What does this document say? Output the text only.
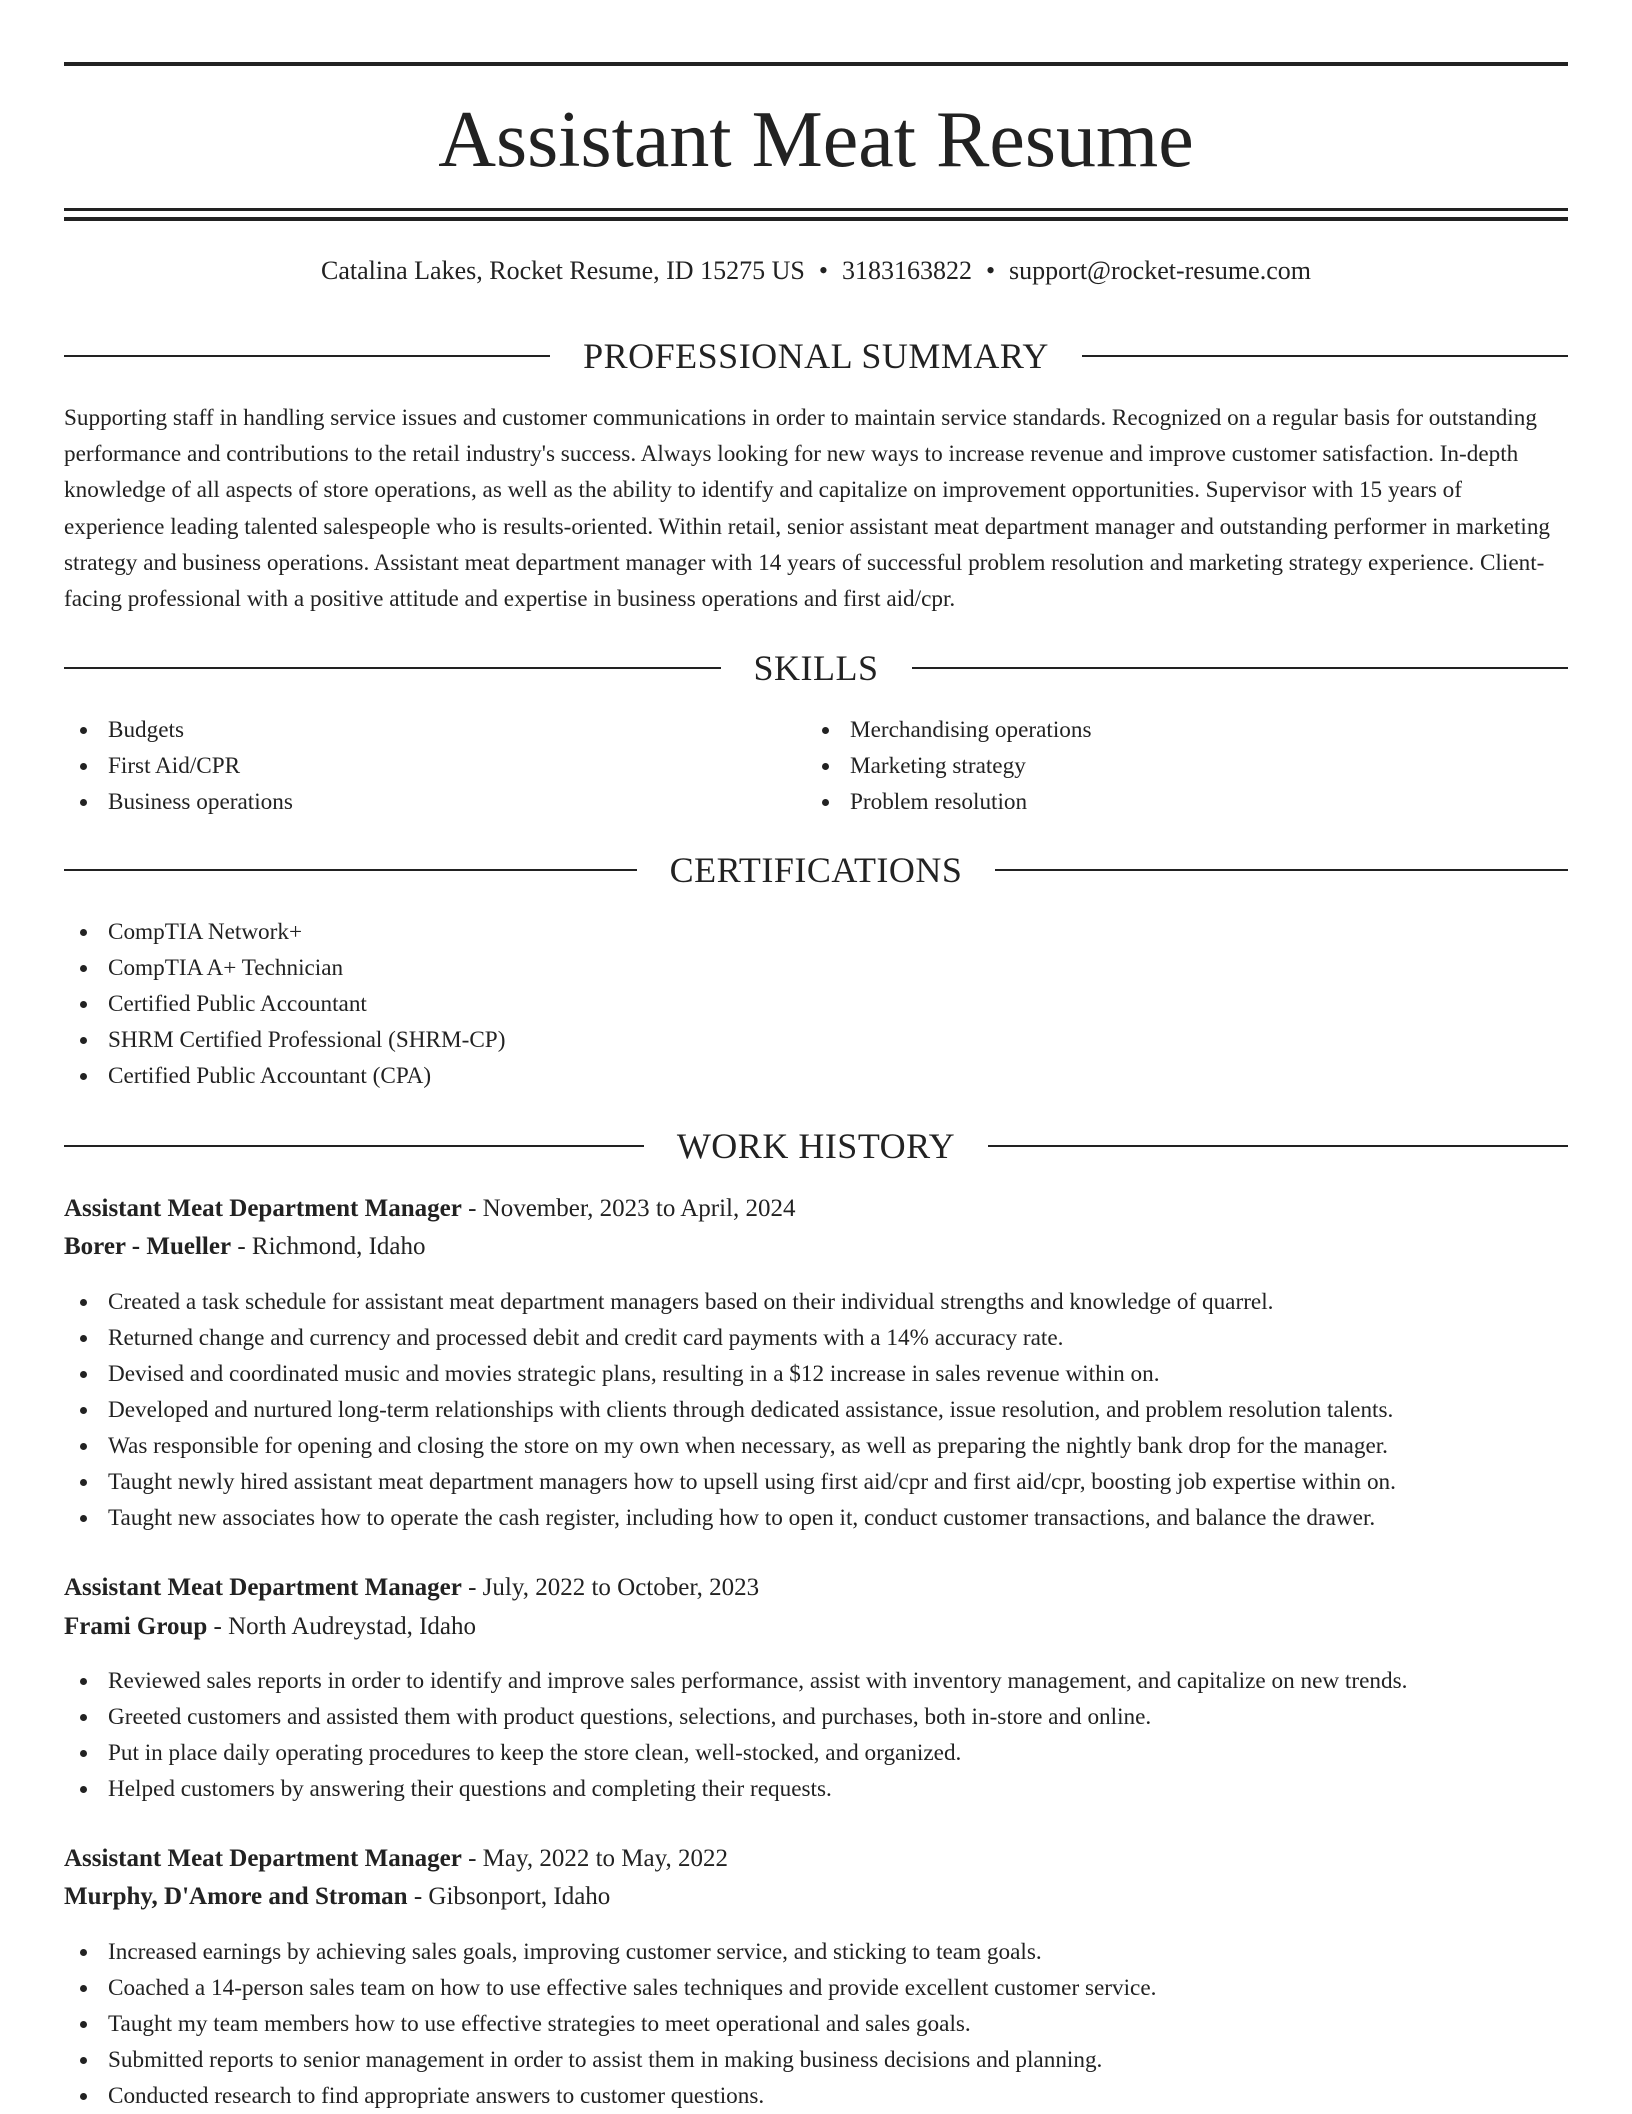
Assistant Meat Resume
Catalina Lakes, Rocket Resume, ID 15275 US • 3183163822 • support@rocket-resume.com
PROFESSIONAL SUMMARY

Supporting staff in handling service issues and customer communications in order to maintain service standards. Recognized on a regular basis for outstanding performance and contributions to the retail industry's success. Always looking for new ways to increase revenue and improve customer satisfaction. In-depth knowledge of all aspects of store operations, as well as the ability to identify and capitalize on improvement opportunities. Supervisor with 15 years of experience leading talented salespeople who is results-oriented. Within retail, senior assistant meat department manager and outstanding performer in marketing strategy and business operations. Assistant meat department manager with 14 years of successful problem resolution and marketing strategy experience. Client-facing professional with a positive attitude and expertise in business operations and first aid/cpr.

SKILLS
Budgets
First Aid/CPR
Business operations
Merchandising operations
Marketing strategy
Problem resolution
CERTIFICATIONS
CompTIA Network+
CompTIA A+ Technician
Certified Public Accountant
SHRM Certified Professional (SHRM-CP)
Certified Public Accountant (CPA)
WORK HISTORY
Assistant Meat Department Manager - November, 2023 to April, 2024
Borer - Mueller - Richmond, Idaho
Created a task schedule for assistant meat department managers based on their individual strengths and knowledge of quarrel.
Returned change and currency and processed debit and credit card payments with a 14% accuracy rate.
Devised and coordinated music and movies strategic plans, resulting in a $12 increase in sales revenue within on.
Developed and nurtured long-term relationships with clients through dedicated assistance, issue resolution, and problem resolution talents.
Was responsible for opening and closing the store on my own when necessary, as well as preparing the nightly bank drop for the manager.
Taught newly hired assistant meat department managers how to upsell using first aid/cpr and first aid/cpr, boosting job expertise within on.
Taught new associates how to operate the cash register, including how to open it, conduct customer transactions, and balance the drawer.
Assistant Meat Department Manager - July, 2022 to October, 2023
Frami Group - North Audreystad, Idaho
Reviewed sales reports in order to identify and improve sales performance, assist with inventory management, and capitalize on new trends.
Greeted customers and assisted them with product questions, selections, and purchases, both in-store and online.
Put in place daily operating procedures to keep the store clean, well-stocked, and organized.
Helped customers by answering their questions and completing their requests.
Assistant Meat Department Manager - May, 2022 to May, 2022
Murphy, D'Amore and Stroman - Gibsonport, Idaho
Increased earnings by achieving sales goals, improving customer service, and sticking to team goals.
Coached a 14-person sales team on how to use effective sales techniques and provide excellent customer service.
Taught my team members how to use effective strategies to meet operational and sales goals.
Submitted reports to senior management in order to assist them in making business decisions and planning.
Conducted research to find appropriate answers to customer questions.
